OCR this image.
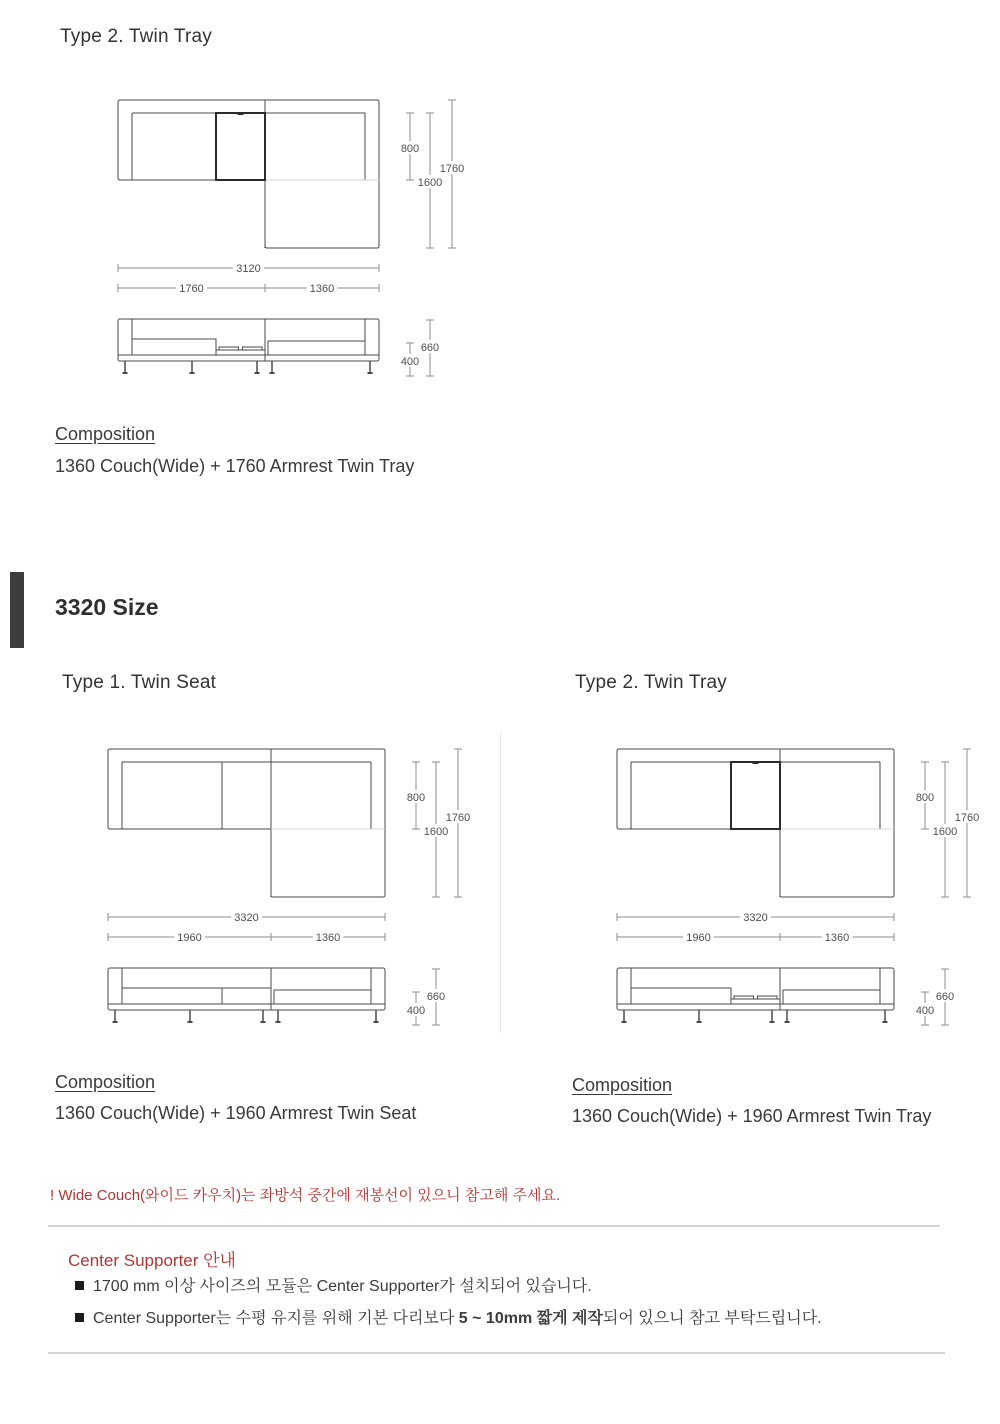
Type 2. Twin Tray
1760
1600
800
3120
1760	1360
660
400
Composition
1360 Couch(Wide) + 1760 Armrest Twin Tray
3320 Size
Type 1. Twin Seat	Type 2. Twin Tray
1760
1600
800
3320
1960	1360
660
400
1760
1600
800
3320
1960	1360
660
400
Composition
1360 Couch(Wide) + 1960 Armrest Twin Seat
Composition
1360 Couch(Wide) + 1960 Armrest Twin Tray
! Wide Couch(와이드 카우치)는 좌방석 중간에 재봉선이 있으니 참고해 주세요.
Center Supporter 안내
1700 mm 이상 사이즈의 모듈은 Center Supporter가 설치되어 있습니다.
Center Supporter는 수평 유지를 위해 기본 다리보다 5 ~ 10mm 짧게 제작되어 있으니 참고 부탁드립니다.
